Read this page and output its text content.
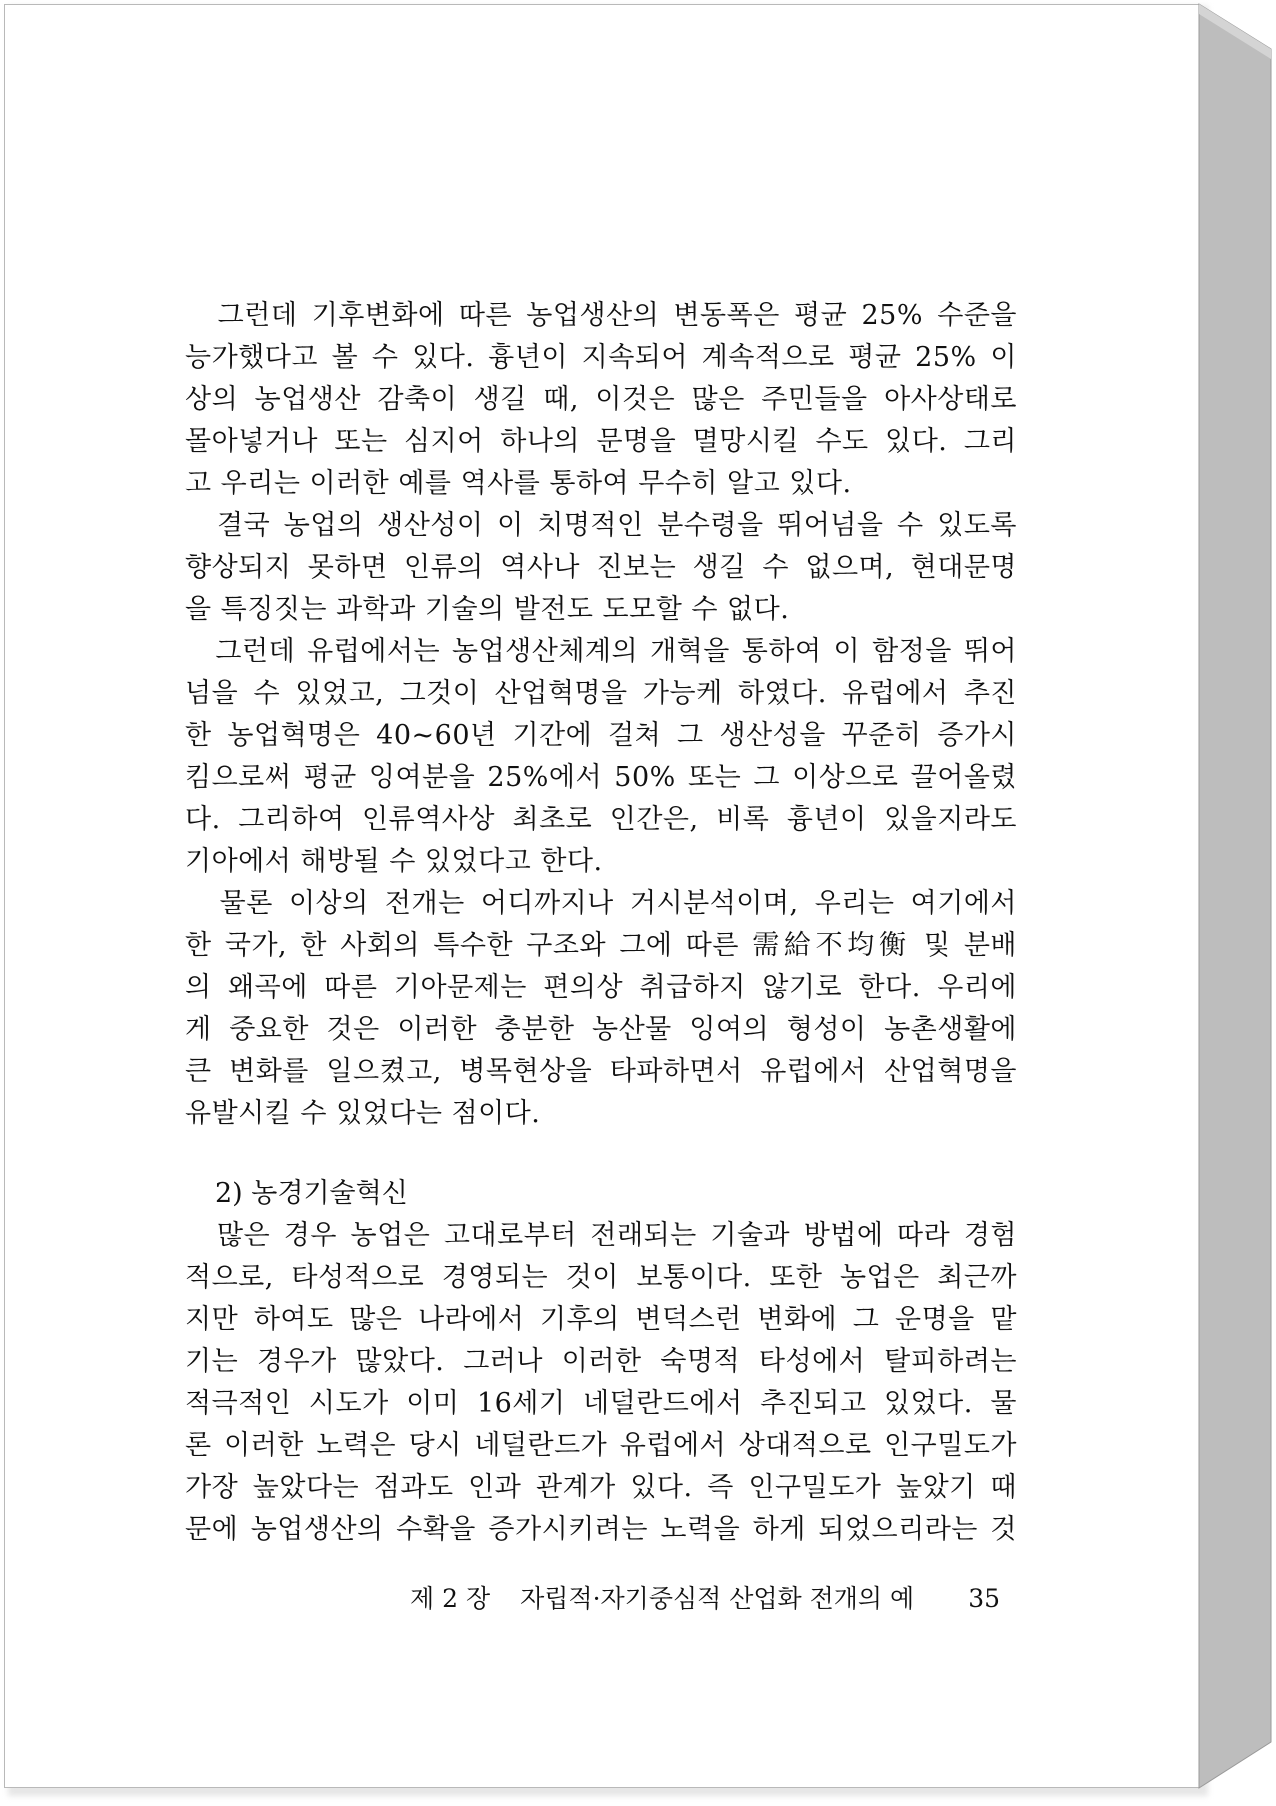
　그런데 기후변화에 따른 농업생산의 변동폭은 평균 25% 수준을
능가했다고 볼 수 있다. 흉년이 지속되어 계속적으로 평균 25% 이
상의 농업생산 감축이 생길 때, 이것은 많은 주민들을 아사상태로
몰아넣거나 또는 심지어 하나의 문명을 멸망시킬 수도 있다. 그리
고 우리는 이러한 예를 역사를 통하여 무수히 알고 있다.
　결국 농업의 생산성이 이 치명적인 분수령을 뛰어넘을 수 있도록
향상되지 못하면 인류의 역사나 진보는 생길 수 없으며, 현대문명
을 특징짓는 과학과 기술의 발전도 도모할 수 없다.
　그런데 유럽에서는 농업생산체계의 개혁을 통하여 이 함정을 뛰어
넘을 수 있었고, 그것이 산업혁명을 가능케 하였다. 유럽에서 추진
한 농업혁명은 40~60년 기간에 걸쳐 그 생산성을 꾸준히 증가시
킴으로써 평균 잉여분을 25%에서 50% 또는 그 이상으로 끌어올렸
다. 그리하여 인류역사상 최초로 인간은, 비록 흉년이 있을지라도
기아에서 해방될 수 있었다고 한다.
　물론 이상의 전개는 어디까지나 거시분석이며, 우리는 여기에서
한 국가, 한 사회의 특수한 구조와 그에 따른 需給不均衡 및 분배
의 왜곡에 따른 기아문제는 편의상 취급하지 않기로 한다. 우리에
게 중요한 것은 이러한 충분한 농산물 잉여의 형성이 농촌생활에
큰 변화를 일으켰고, 병목현상을 타파하면서 유럽에서 산업혁명을
유발시킬 수 있었다는 점이다.
2) 농경기술혁신
　많은 경우 농업은 고대로부터 전래되는 기술과 방법에 따라 경험
적으로, 타성적으로 경영되는 것이 보통이다. 또한 농업은 최근까
지만 하여도 많은 나라에서 기후의 변덕스런 변화에 그 운명을 맡
기는 경우가 많았다. 그러나 이러한 숙명적 타성에서 탈피하려는
적극적인 시도가 이미 16세기 네덜란드에서 추진되고 있었다. 물
론 이러한 노력은 당시 네덜란드가 유럽에서 상대적으로 인구밀도가
가장 높았다는 점과도 인과 관계가 있다. 즉 인구밀도가 높았기 때
문에 농업생산의 수확을 증가시키려는 노력을 하게 되었으리라는 것
제 2 장 자립적·자기중심적 산업화 전개의 예 35
